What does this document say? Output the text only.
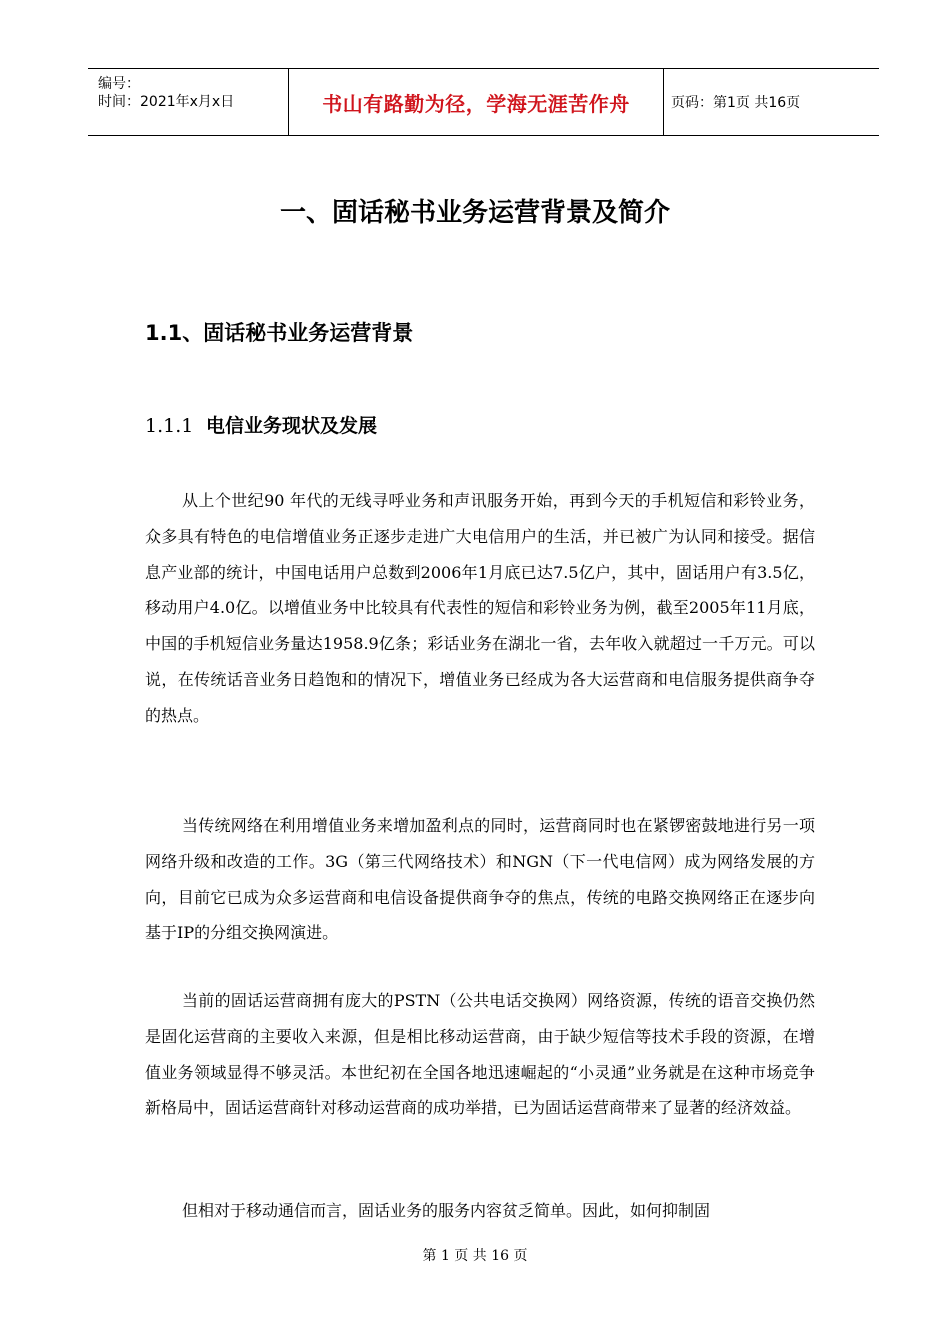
编号：
时间：2021年x月x日	书山有路勤为径，学海无涯苦作舟	页码：第1页 共16页
一、固话秘书业务运营背景及简介
1.1、固话秘书业务运营背景
1.1.1 电信业务现状及发展

从上个世纪90 年代的无线寻呼业务和声讯服务开始，再到今天的手机短信和彩铃业务，众多具有特色的电信增值业务正逐步走进广大电信用户的生活，并已被广为认同和接受。据信息产业部的统计，中国电话用户总数到2006年1月底已达7.5亿户，其中，固话用户有3.5亿，移动用户4.0亿。以增值业务中比较具有代表性的短信和彩铃业务为例，截至2005年11月底，中国的手机短信业务量达1958.9亿条；彩话业务在湖北一省，去年收入就超过一千万元。可以说，在传统话音业务日趋饱和的情况下，增值业务已经成为各大运营商和电信服务提供商争夺的热点。

当传统网络在利用增值业务来增加盈利点的同时，运营商同时也在紧锣密鼓地进行另一项网络升级和改造的工作。3G（第三代网络技术）和NGN（下一代电信网）成为网络发展的方向，目前它已成为众多运营商和电信设备提供商争夺的焦点，传统的电路交换网络正在逐步向基于IP的分组交换网演进。

当前的固话运营商拥有庞大的PSTN（公共电话交换网）网络资源，传统的语音交换仍然是固化运营商的主要收入来源，但是相比移动运营商，由于缺少短信等技术手段的资源，在增值业务领域显得不够灵活。本世纪初在全国各地迅速崛起的“小灵通”业务就是在这种市场竞争新格局中，固话运营商针对移动运营商的成功举措，已为固话运营商带来了显著的经济效益。

但相对于移动通信而言，固话业务的服务内容贫乏简单。因此，如何抑制固

第 1 页 共 16 页
